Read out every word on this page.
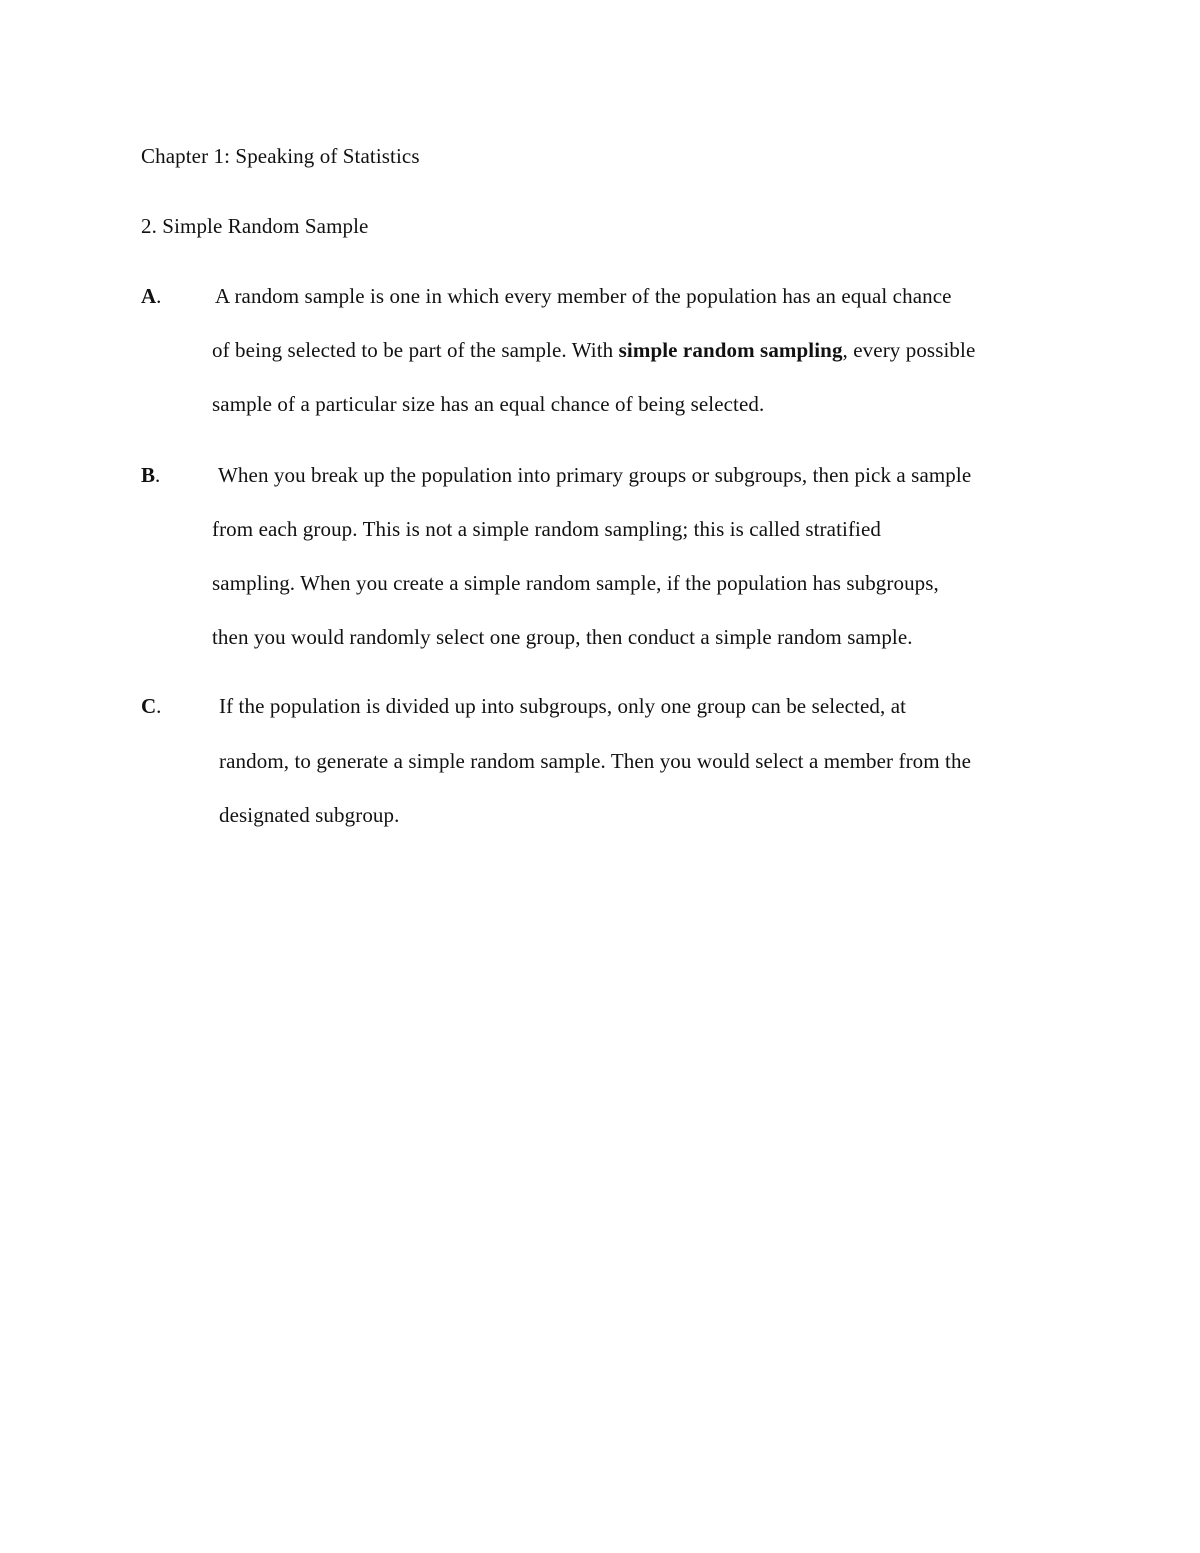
Chapter 1: Speaking of Statistics
2. Simple Random Sample
A.	A random sample is one in which every member of the population has an equal chance
of being selected to be part of the sample. With simple random sampling, every possible
sample of a particular size has an equal chance of being selected.
B.	When you break up the population into primary groups or subgroups, then pick a sample
from each group. This is not a simple random sampling; this is called stratified
sampling. When you create a simple random sample, if the population has subgroups,
then you would randomly select one group, then conduct a simple random sample.
C.	If the population is divided up into subgroups, only one group can be selected, at
random, to generate a simple random sample. Then you would select a member from the
designated subgroup.
